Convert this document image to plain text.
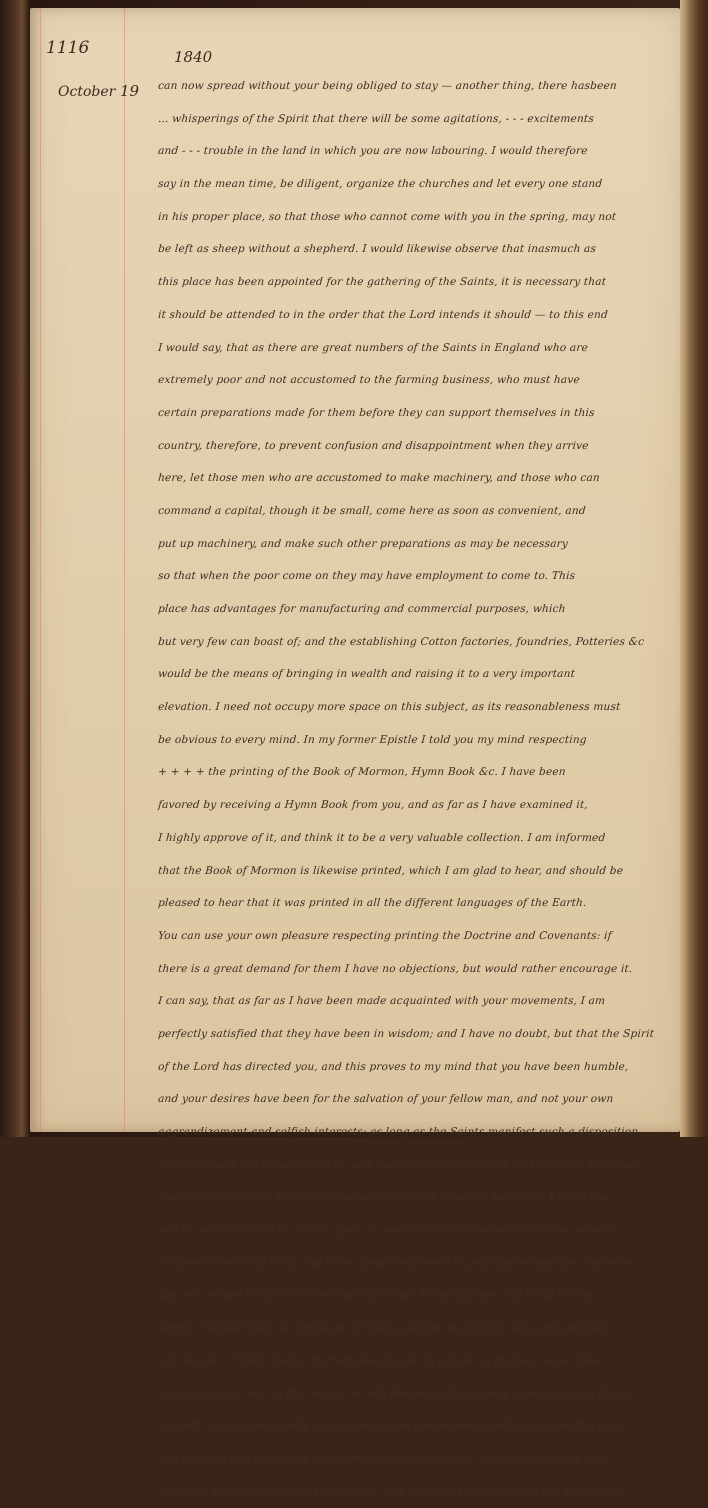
1116	1840
October 19 can now spread without your being obliged to stay — another thing, there hasbeen
... whisperings of the Spirit that there will be some agitations, - - - excitements
and - - - trouble in the land in which you are now labouring. I would therefore
say in the mean time, be diligent, organize the churches and let every one stand
in his proper place, so that those who cannot come with you in the spring, may not
be left as sheep without a shepherd. I would likewise observe that inasmuch as
this place has been appointed for the gathering of the Saints, it is necessary that
it should be attended to in the order that the Lord intends it should — to this end
I would say, that as there are great numbers of the Saints in England who are
extremely poor and not accustomed to the farming business, who must have
certain preparations made for them before they can support themselves in this
country, therefore, to prevent confusion and disappointment when they arrive
here, let those men who are accustomed to make machinery, and those who can
command a capital, though it be small, come here as soon as convenient, and
put up machinery, and make such other preparations as may be necessary
so that when the poor come on they may have employment to come to. This
place has advantages for manufacturing and commercial purposes, which
but very few can boast of; and the establishing Cotton factories, foundries, Potteries &c
would be the means of bringing in wealth and raising it to a very important
elevation. I need not occupy more space on this subject, as its reasonableness must
be obvious to every mind. In my former Epistle I told you my mind respecting
+ + + + the printing of the Book of Mormon, Hymn Book &c. I have been
favored by receiving a Hymn Book from you, and as far as I have examined it,
I highly approve of it, and think it to be a very valuable collection. I am informed
that the Book of Mormon is likewise printed, which I am glad to hear, and should be
pleased to hear that it was printed in all the different languages of the Earth.
You can use your own pleasure respecting printing the Doctrine and Covenants: if
there is a great demand for them I have no objections, but would rather encourage it.
I can say, that as far as I have been made acquainted with your movements, I am
perfectly satisfied that they have been in wisdom; and I have no doubt, but that the Spirit
of the Lord has directed you, and this proves to my mind that you have been humble,
and your desires have been for the salvation of your fellow man, and not your own
aggrandizement and selfish interests; as long as the Saints manifest such a disposition,
their counsels will be approved of, and their exertions crowned with success. There are
many things of much importance on which you ask counsel, but which I think you
will be perfectly able to decide upon, as you are more conversant with the peculiar —
circumstances than I am; and I feel great confidence in your united wisdom, therefore,
you will excuse me for not entering into detail: If I should see any thing that is
wrong, I should take the privilege of making known my mind to you, and pointing
out the evil. If Elder Parley P. Pratt should wish to remain in England some time
longer than the rest of the twelve, he will feel himself at liberty to do so, as his family
are with him, consequently his circumstances are somewhat different from the rest;
and likewise it is necessary that some one should remain, who is conversant with
the rules and regulations of the Church, and continue the paper which is published; —
